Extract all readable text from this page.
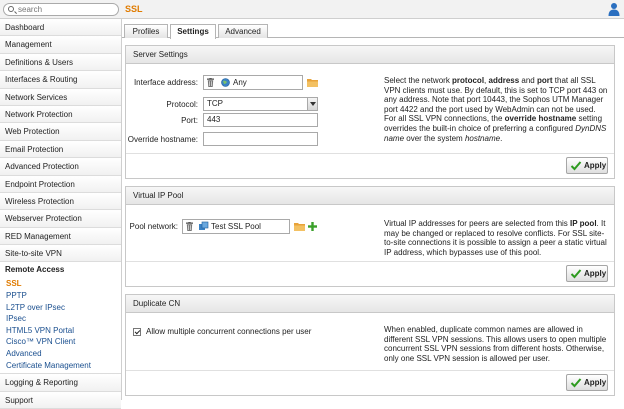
search
SSL
Dashboard
Management
Definitions & Users
Interfaces & Routing
Network Services
Network Protection
Web Protection
Email Protection
Advanced Protection
Endpoint Protection
Wireless Protection
Webserver Protection
RED Management
Site-to-site VPN
Remote Access
SSL
PPTP
L2TP over IPsec
IPsec
HTML5 VPN Portal
Cisco™ VPN Client
Advanced
Certificate Management
Logging & Reporting
Support
Profiles	Settings	Advanced
Server Settings
Interface address:	Any
Protocol:	TCP
Port:	443
Override hostname:
Select the network protocol, address and port that all SSL VPN clients must use. By default, this is set to TCP port 443 on any address. Note that port 10443, the Sophos UTM Manager port 4422 and the port used by WebAdmin can not be used.
For all SSL VPN connections, the override hostname setting overrides the built-in choice of preferring a configured DynDNS name over the system hostname.
Apply
Virtual IP Pool
Pool network:	Test SSL Pool	Virtual IP addresses for peers are selected from this IP pool. It may be changed or replaced to resolve conflicts. For SSL site-to-site connections it is possible to assign a peer a static virtual IP address, which bypasses use of this pool.
Apply
Duplicate CN
Allow multiple concurrent connections per user	When enabled, duplicate common names are allowed in different SSL VPN sessions. This allows users to open multiple concurrent SSL VPN sessions from different hosts. Otherwise, only one SSL VPN session is allowed per user.
Apply
